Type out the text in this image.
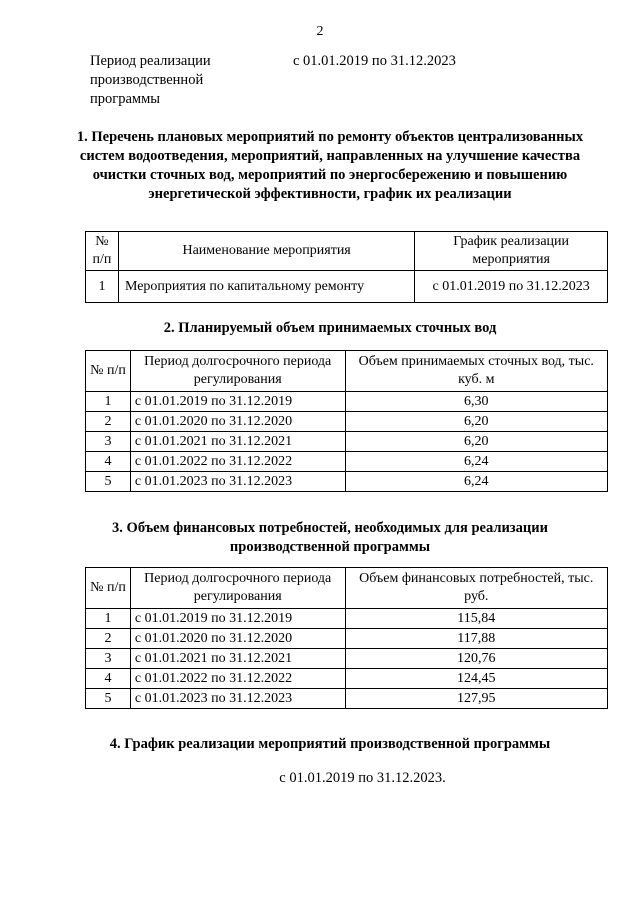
2
Период реализации производственной программы
с 01.01.2019 по 31.12.2023
1. Перечень плановых мероприятий по ремонту объектов централизованных систем водоотведения, мероприятий, направленных на улучшение качества очистки сточных вод, мероприятий по энергосбережению и повышению энергетической эффективности, график их реализации
№ п/п	Наименование мероприятия	График реализации мероприятия
1	Мероприятия по капитальному ремонту	с 01.01.2019 по 31.12.2023
2. Планируемый объем принимаемых сточных вод
№ п/п	Период долгосрочного периода регулирования	Объем принимаемых сточных вод, тыс. куб. м
1	с 01.01.2019 по 31.12.2019	6,30
2	с 01.01.2020 по 31.12.2020	6,20
3	с 01.01.2021 по 31.12.2021	6,20
4	с 01.01.2022 по 31.12.2022	6,24
5	с 01.01.2023 по 31.12.2023	6,24
3. Объем финансовых потребностей, необходимых для реализации производственной программы
№ п/п	Период долгосрочного периода регулирования	Объем финансовых потребностей, тыс. руб.
1	с 01.01.2019 по 31.12.2019	115,84
2	с 01.01.2020 по 31.12.2020	117,88
3	с 01.01.2021 по 31.12.2021	120,76
4	с 01.01.2022 по 31.12.2022	124,45
5	с 01.01.2023 по 31.12.2023	127,95
4. График реализации мероприятий производственной программы
с 01.01.2019 по 31.12.2023.
